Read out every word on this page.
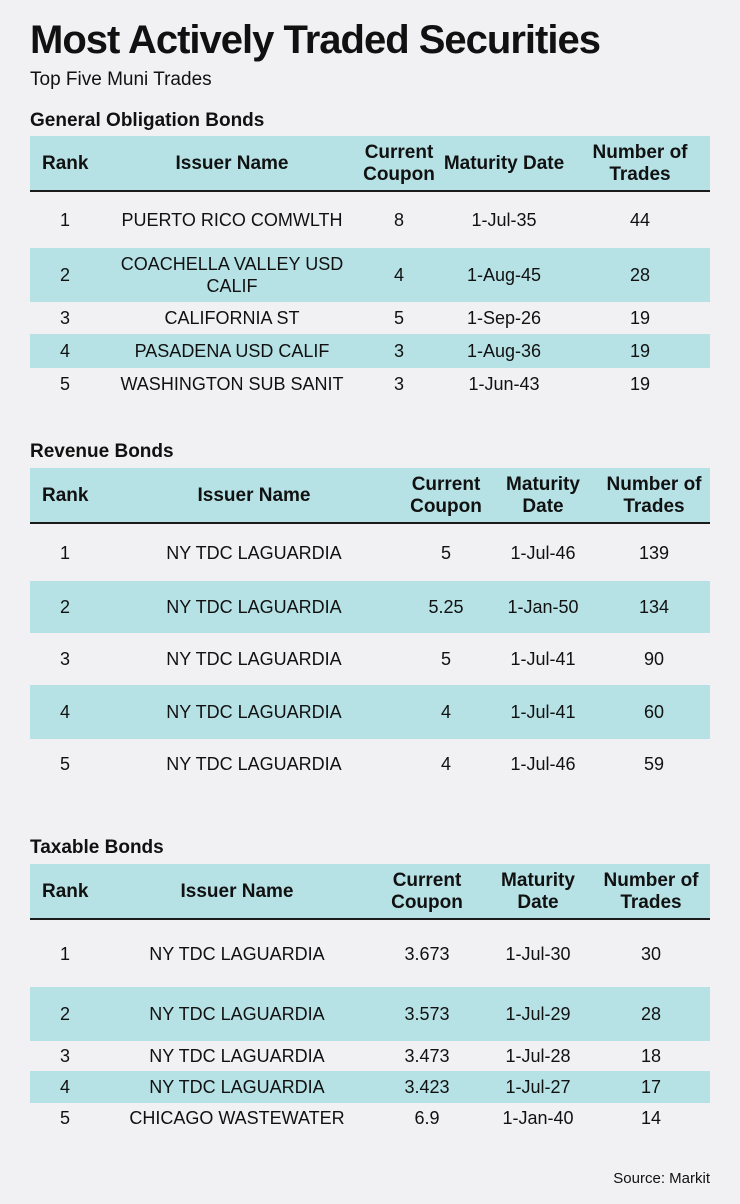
Most Actively Traded Securities
Top Five Muni Trades
General Obligation Bonds
Rank	Issuer Name	Current Coupon	Maturity Date	Number of Trades
1	PUERTO RICO COMWLTH	8	1-Jul-35	44
2	COACHELLA VALLEY USD CALIF	4	1-Aug-45	28
3	CALIFORNIA ST	5	1-Sep-26	19
4	PASADENA USD CALIF	3	1-Aug-36	19
5	WASHINGTON SUB SANIT	3	1-Jun-43	19
Revenue Bonds
Rank	Issuer Name	Current Coupon	Maturity Date	Number of Trades
1	NY TDC LAGUARDIA	5	1-Jul-46	139
2	NY TDC LAGUARDIA	5.25	1-Jan-50	134
3	NY TDC LAGUARDIA	5	1-Jul-41	90
4	NY TDC LAGUARDIA	4	1-Jul-41	60
5	NY TDC LAGUARDIA	4	1-Jul-46	59
Taxable Bonds
Rank	Issuer Name	Current Coupon	Maturity Date	Number of Trades
1	NY TDC LAGUARDIA	3.673	1-Jul-30	30
2	NY TDC LAGUARDIA	3.573	1-Jul-29	28
3	NY TDC LAGUARDIA	3.473	1-Jul-28	18
4	NY TDC LAGUARDIA	3.423	1-Jul-27	17
5	CHICAGO WASTEWATER	6.9	1-Jan-40	14
Source: Markit
